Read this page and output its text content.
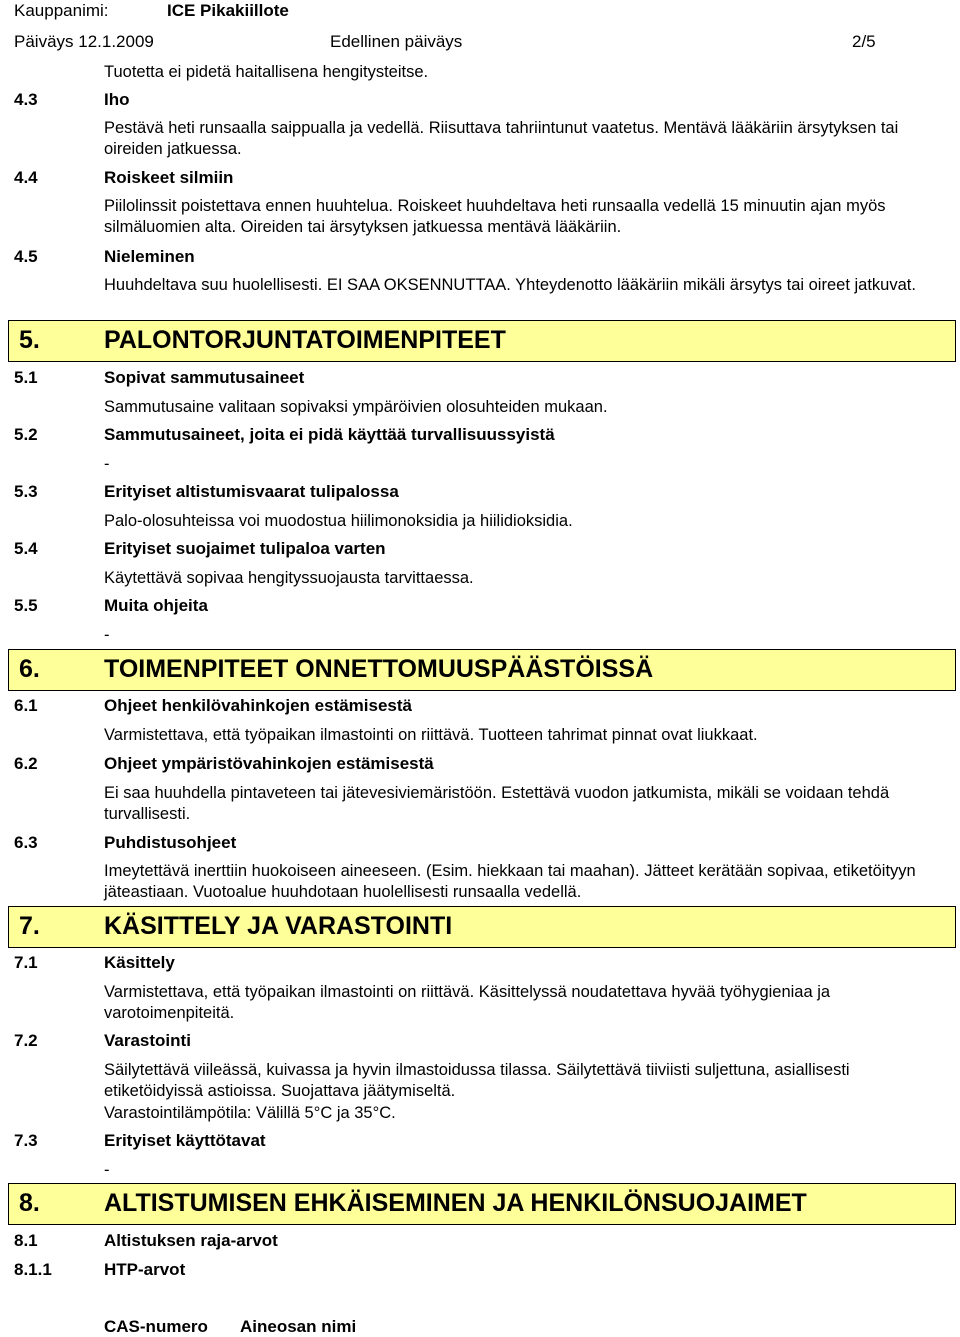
Kauppanimi:	ICE Pikakiillote
Päiväys 12.1.2009	Edellinen päiväys	2/5
Tuotetta ei pidetä haitallisena hengitysteitse.
4.3	Iho
Pestävä heti runsaalla saippualla ja vedellä. Riisuttava tahriintunut vaatetus. Mentävä lääkäriin ärsytyksen tai oireiden jatkuessa.
4.4	Roiskeet silmiin
Piilolinssit poistettava ennen huuhtelua. Roiskeet huuhdeltava heti runsaalla vedellä 15 minuutin ajan myös silmäluomien alta. Oireiden tai ärsytyksen jatkuessa mentävä lääkäriin.
4.5	Nieleminen
Huuhdeltava suu huolellisesti. EI SAA OKSENNUTTAA. Yhteydenotto lääkäriin mikäli ärsytys tai oireet jatkuvat.
5.	PALONTORJUNTATOIMENPITEET
5.1	Sopivat sammutusaineet
Sammutusaine valitaan sopivaksi ympäröivien olosuhteiden mukaan.
5.2	Sammutusaineet, joita ei pidä käyttää turvallisuussyistä
-
5.3	Erityiset altistumisvaarat tulipalossa
Palo-olosuhteissa voi muodostua hiilimonoksidia ja hiilidioksidia.
5.4	Erityiset suojaimet tulipaloa varten
Käytettävä sopivaa hengityssuojausta tarvittaessa.
5.5	Muita ohjeita
-
6.	TOIMENPITEET ONNETTOMUUSPÄÄSTÖISSÄ
6.1	Ohjeet henkilövahinkojen estämisestä
Varmistettava, että työpaikan ilmastointi on riittävä. Tuotteen tahrimat pinnat ovat liukkaat.
6.2	Ohjeet ympäristövahinkojen estämisestä
Ei saa huuhdella pintaveteen tai jätevesiviemäristöön. Estettävä vuodon jatkumista, mikäli se voidaan tehdä turvallisesti.
6.3	Puhdistusohjeet
Imeytettävä inerttiin huokoiseen aineeseen. (Esim. hiekkaan tai maahan). Jätteet kerätään sopivaa, etiketöityyn jäteastiaan. Vuotoalue huuhdotaan huolellisesti runsaalla vedellä.
7.	KÄSITTELY JA VARASTOINTI
7.1	Käsittely
Varmistettava, että työpaikan ilmastointi on riittävä. Käsittelyssä noudatettava hyvää työhygieniaa ja varotoimenpiteitä.
7.2	Varastointi
Säilytettävä viileässä, kuivassa ja hyvin ilmastoidussa tilassa. Säilytettävä tiiviisti suljettuna, asiallisesti etiketöidyissä astioissa. Suojattava jäätymiseltä.
Varastointilämpötila: Välillä 5°C ja 35°C.
7.3	Erityiset käyttötavat
-
8.	ALTISTUMISEN EHKÄISEMINEN JA HENKILÖNSUOJAIMET
8.1	Altistuksen raja-arvot
8.1.1	HTP-arvot
CAS-numero Aineosan nimi
